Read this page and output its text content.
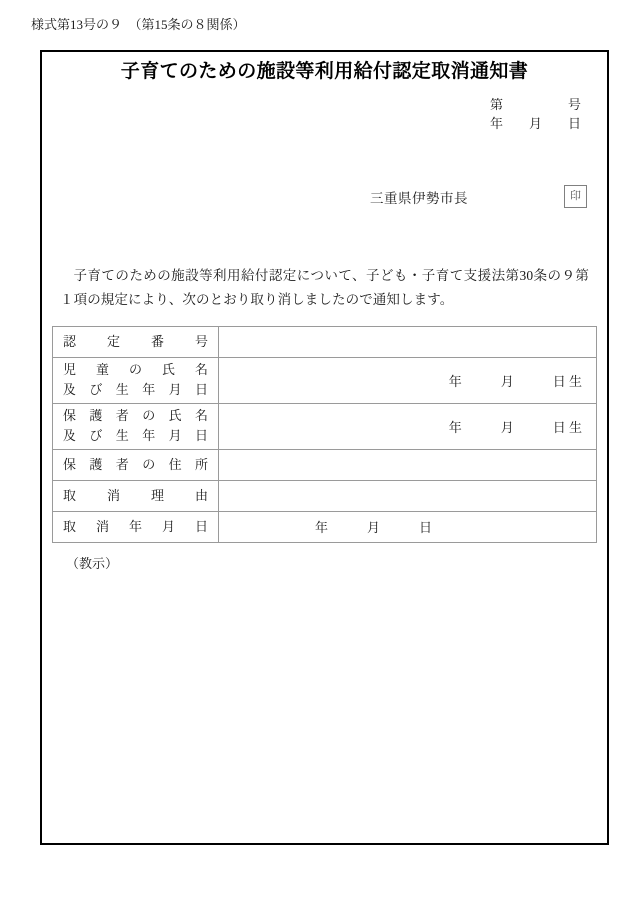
様式第13号の９　（第15条の８関係）
子育てのための施設等利用給付認定取消通知書
第　　　　　号
年　　月　　日
三重県伊勢市長	印

子育てのための施設等利用給付認定について、子ども・子育て支援法第30条の９第１項の規定により、次のとおり取り消しましたので通知します。

認定番号	

児童の氏名
及び生年月日	年　　　月　　　日 生

保護者の氏名
及び生年月日	年　　　月　　　日 生

保護者の住所	

取消理由	

取消年月日	年　　　月　　　日
（教示）
